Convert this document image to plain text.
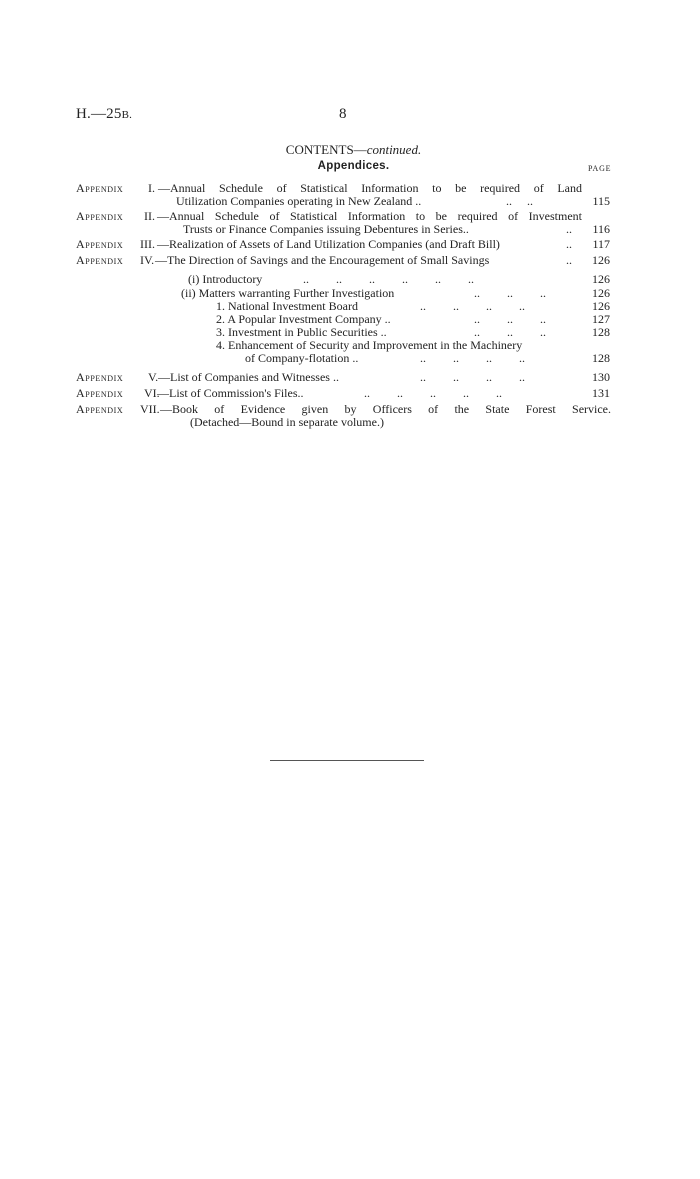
H.—25B.	8
CONTENTS—continued.
Appendices.	PAGE
Appendix I. —Annual Schedule of Statistical Information to be required of Land
Utilization Companies operating in New Zealand ..	..     ..	115
Appendix II. —Annual Schedule of Statistical Information to be required of Investment
Trusts or Finance Companies issuing Debentures in Series..	..	116
Appendix III. —Realization of Assets of Land Utilization Companies (and Draft Bill)	..	117
Appendix IV. —The Direction of Savings and the Encouragement of Small Savings	..	126
(i) Introductory	..         ..         ..         ..         ..         ..	126
(ii) Matters warranting Further Investigation	..         ..         ..	126
1. National Investment Board	..         ..         ..         ..	126
2. A Popular Investment Company ..	..         ..         ..	127
3. Investment in Public Securities ..	..         ..         ..	128
4. Enhancement of Security and Improvement in the Machinery
of Company-flotation ..	..         ..         ..         ..	128
Appendix V. —List of Companies and Witnesses ..	..         ..         ..         ..	130
Appendix VI.
—List of Commission's Files..	..         ..         ..         ..         ..	131
Appendix VII. —Book of Evidence given by Officers of the State Forest Service.
(Detached—Bound in separate volume.)
